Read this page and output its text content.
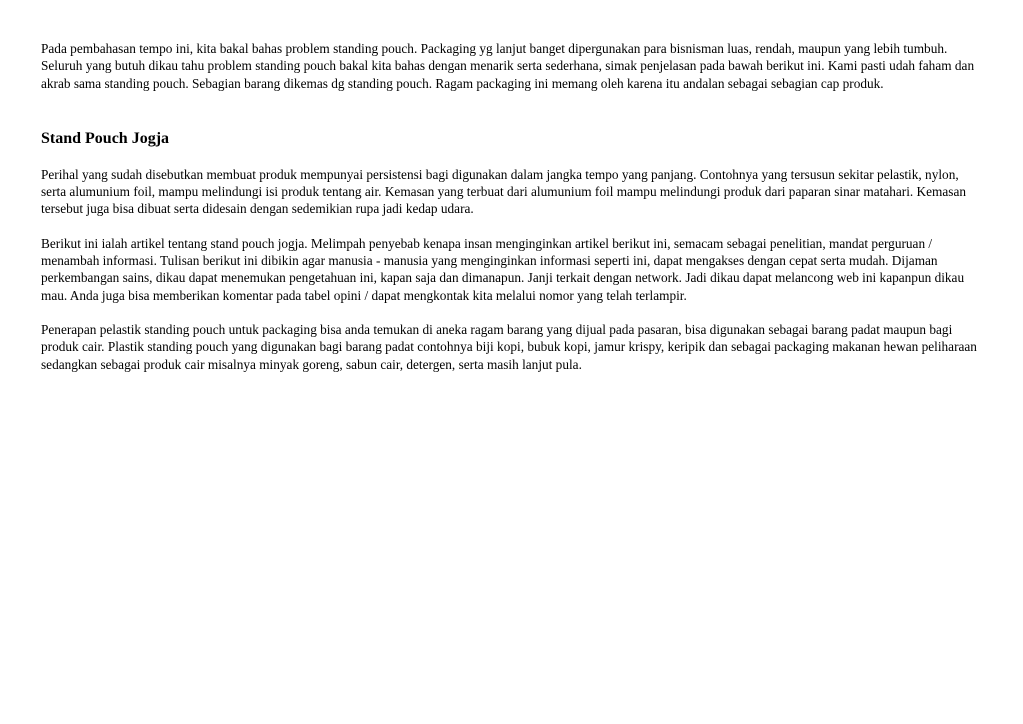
Pada pembahasan tempo ini, kita bakal bahas problem standing pouch. Packaging yg lanjut banget dipergunakan para bisnisman luas, rendah, maupun yang lebih tumbuh. Seluruh yang butuh dikau tahu problem standing pouch bakal kita bahas dengan menarik serta sederhana, simak penjelasan pada bawah berikut ini. Kami pasti udah faham dan akrab sama standing pouch. Sebagian barang dikemas dg standing pouch. Ragam packaging ini memang oleh karena itu andalan sebagai sebagian cap produk.

Stand Pouch Jogja

Perihal yang sudah disebutkan membuat produk mempunyai persistensi bagi digunakan dalam jangka tempo yang panjang. Contohnya yang tersusun sekitar pelastik, nylon, serta alumunium foil, mampu melindungi isi produk tentang air. Kemasan yang terbuat dari alumunium foil mampu melindungi produk dari paparan sinar matahari. Kemasan tersebut juga bisa dibuat serta didesain dengan sedemikian rupa jadi kedap udara.

Berikut ini ialah artikel tentang stand pouch jogja. Melimpah penyebab kenapa insan menginginkan artikel berikut ini, semacam sebagai penelitian, mandat perguruan / menambah informasi. Tulisan berikut ini dibikin agar manusia - manusia yang menginginkan informasi seperti ini, dapat mengakses dengan cepat serta mudah. Dijaman perkembangan sains, dikau dapat menemukan pengetahuan ini, kapan saja dan dimanapun. Janji terkait dengan network. Jadi dikau dapat melancong web ini kapanpun dikau mau. Anda juga bisa memberikan komentar pada tabel opini / dapat mengkontak kita melalui nomor yang telah terlampir.

Penerapan pelastik standing pouch untuk packaging bisa anda temukan di aneka ragam barang yang dijual pada pasaran, bisa digunakan sebagai barang padat maupun bagi produk cair. Plastik standing pouch yang digunakan bagi barang padat contohnya biji kopi, bubuk kopi, jamur krispy, keripik dan sebagai packaging makanan hewan peliharaan sedangkan sebagai produk cair misalnya minyak goreng, sabun cair, detergen, serta masih lanjut pula.
